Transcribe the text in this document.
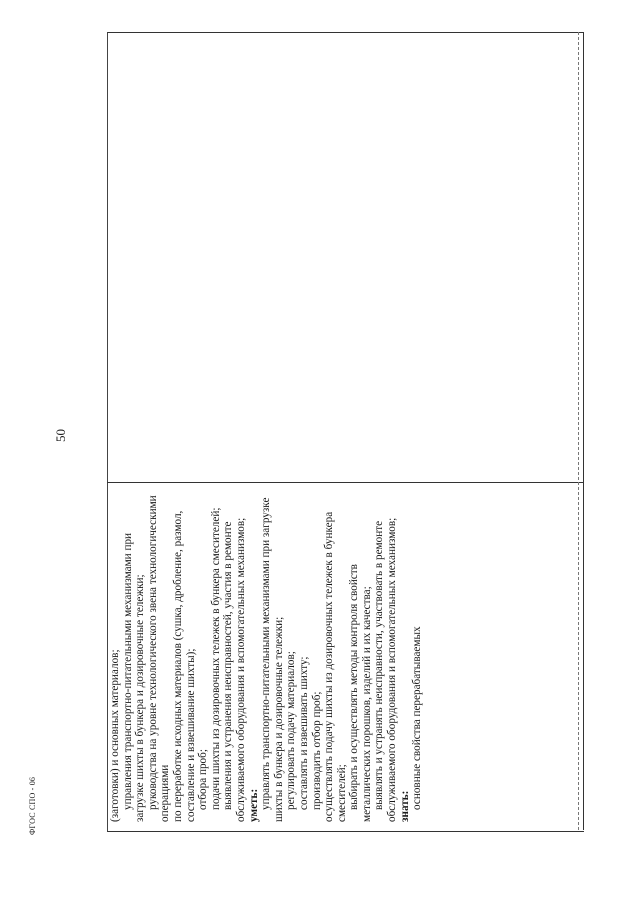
50
ФГОС СПО - 06	(заготовки) и основных материалов; управления транспортно-питательными механизмами при загрузке шихты в бункера и дозировочные тележки; руководства на уровне технологического звена технологическими операциями по переработке исходных материалов (сушка, дробление, размол, составление и взвешивание шихты); отбора проб; подачи шихты из дозировочных тележек в бункера смесителей; выявления и устранения неисправностей, участия в ремонте обслуживаемого оборудования и вспомогательных механизмов; уметь: управлять транспортно-питательными механизмами при загрузке шихты в бункера и дозировочные тележки; регулировать подачу материалов; составлять и взвешивать шихту; производить отбор проб; осуществлять подачу шихты из дозировочных тележек в бункера смесителей; выбирать и осуществлять методы контроля свойств металлических порошков, изделий и их качества; выявлять и устранять неисправности, участвовать в ремонте обслуживаемого оборудования и вспомогательных механизмов; знать: основные свойства перерабатываемых
